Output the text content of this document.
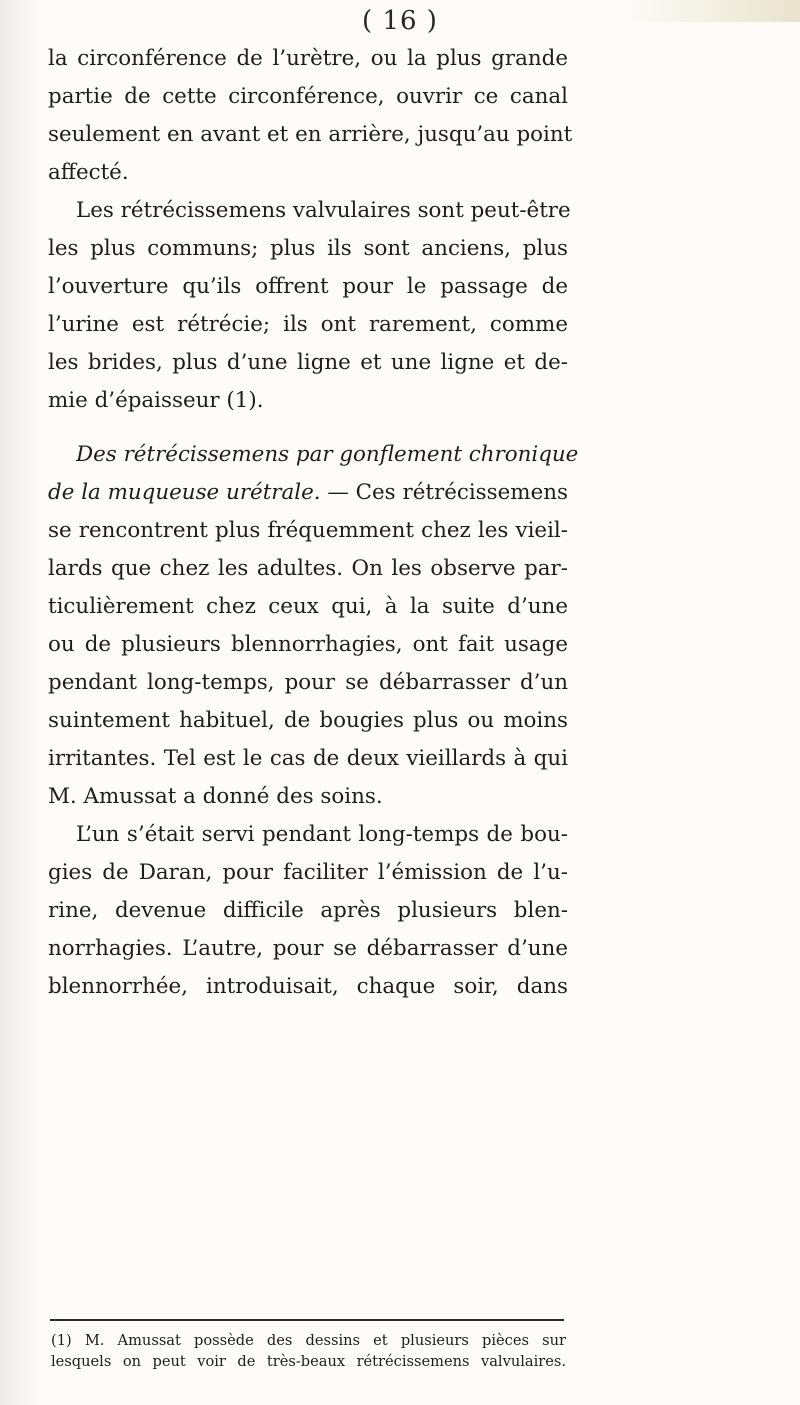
( 16 )
la circonférence de l’urètre, ou la plus grande
partie de cette circonférence, ouvrir ce canal
seulement en avant et en arrière, jusqu’au point
affecté.
Les rétrécissemens valvulaires sont peut-être
les plus communs; plus ils sont anciens, plus
l’ouverture qu’ils offrent pour le passage de
l’urine est rétrécie; ils ont rarement, comme
les brides, plus d’une ligne et une ligne et de-
mie d’épaisseur (1).
Des rétrécissemens par gonflement chronique
de la muqueuse urétrale. — Ces rétrécissemens
se rencontrent plus fréquemment chez les vieil-
lards que chez les adultes. On les observe par-
ticulièrement chez ceux qui, à la suite d’une
ou de plusieurs blennorrhagies, ont fait usage
pendant long-temps, pour se débarrasser d’un
suintement habituel, de bougies plus ou moins
irritantes. Tel est le cas de deux vieillards à qui
M. Amussat a donné des soins.
L’un s’était servi pendant long-temps de bou-
gies de Daran, pour faciliter l’émission de l’u-
rine, devenue difficile après plusieurs blen-
norrhagies. L’autre, pour se débarrasser d’une
blennorrhée, introduisait, chaque soir, dans
(1) M. Amussat possède des dessins et plusieurs pièces sur
lesquels on peut voir de très-beaux rétrécissemens valvulaires.
